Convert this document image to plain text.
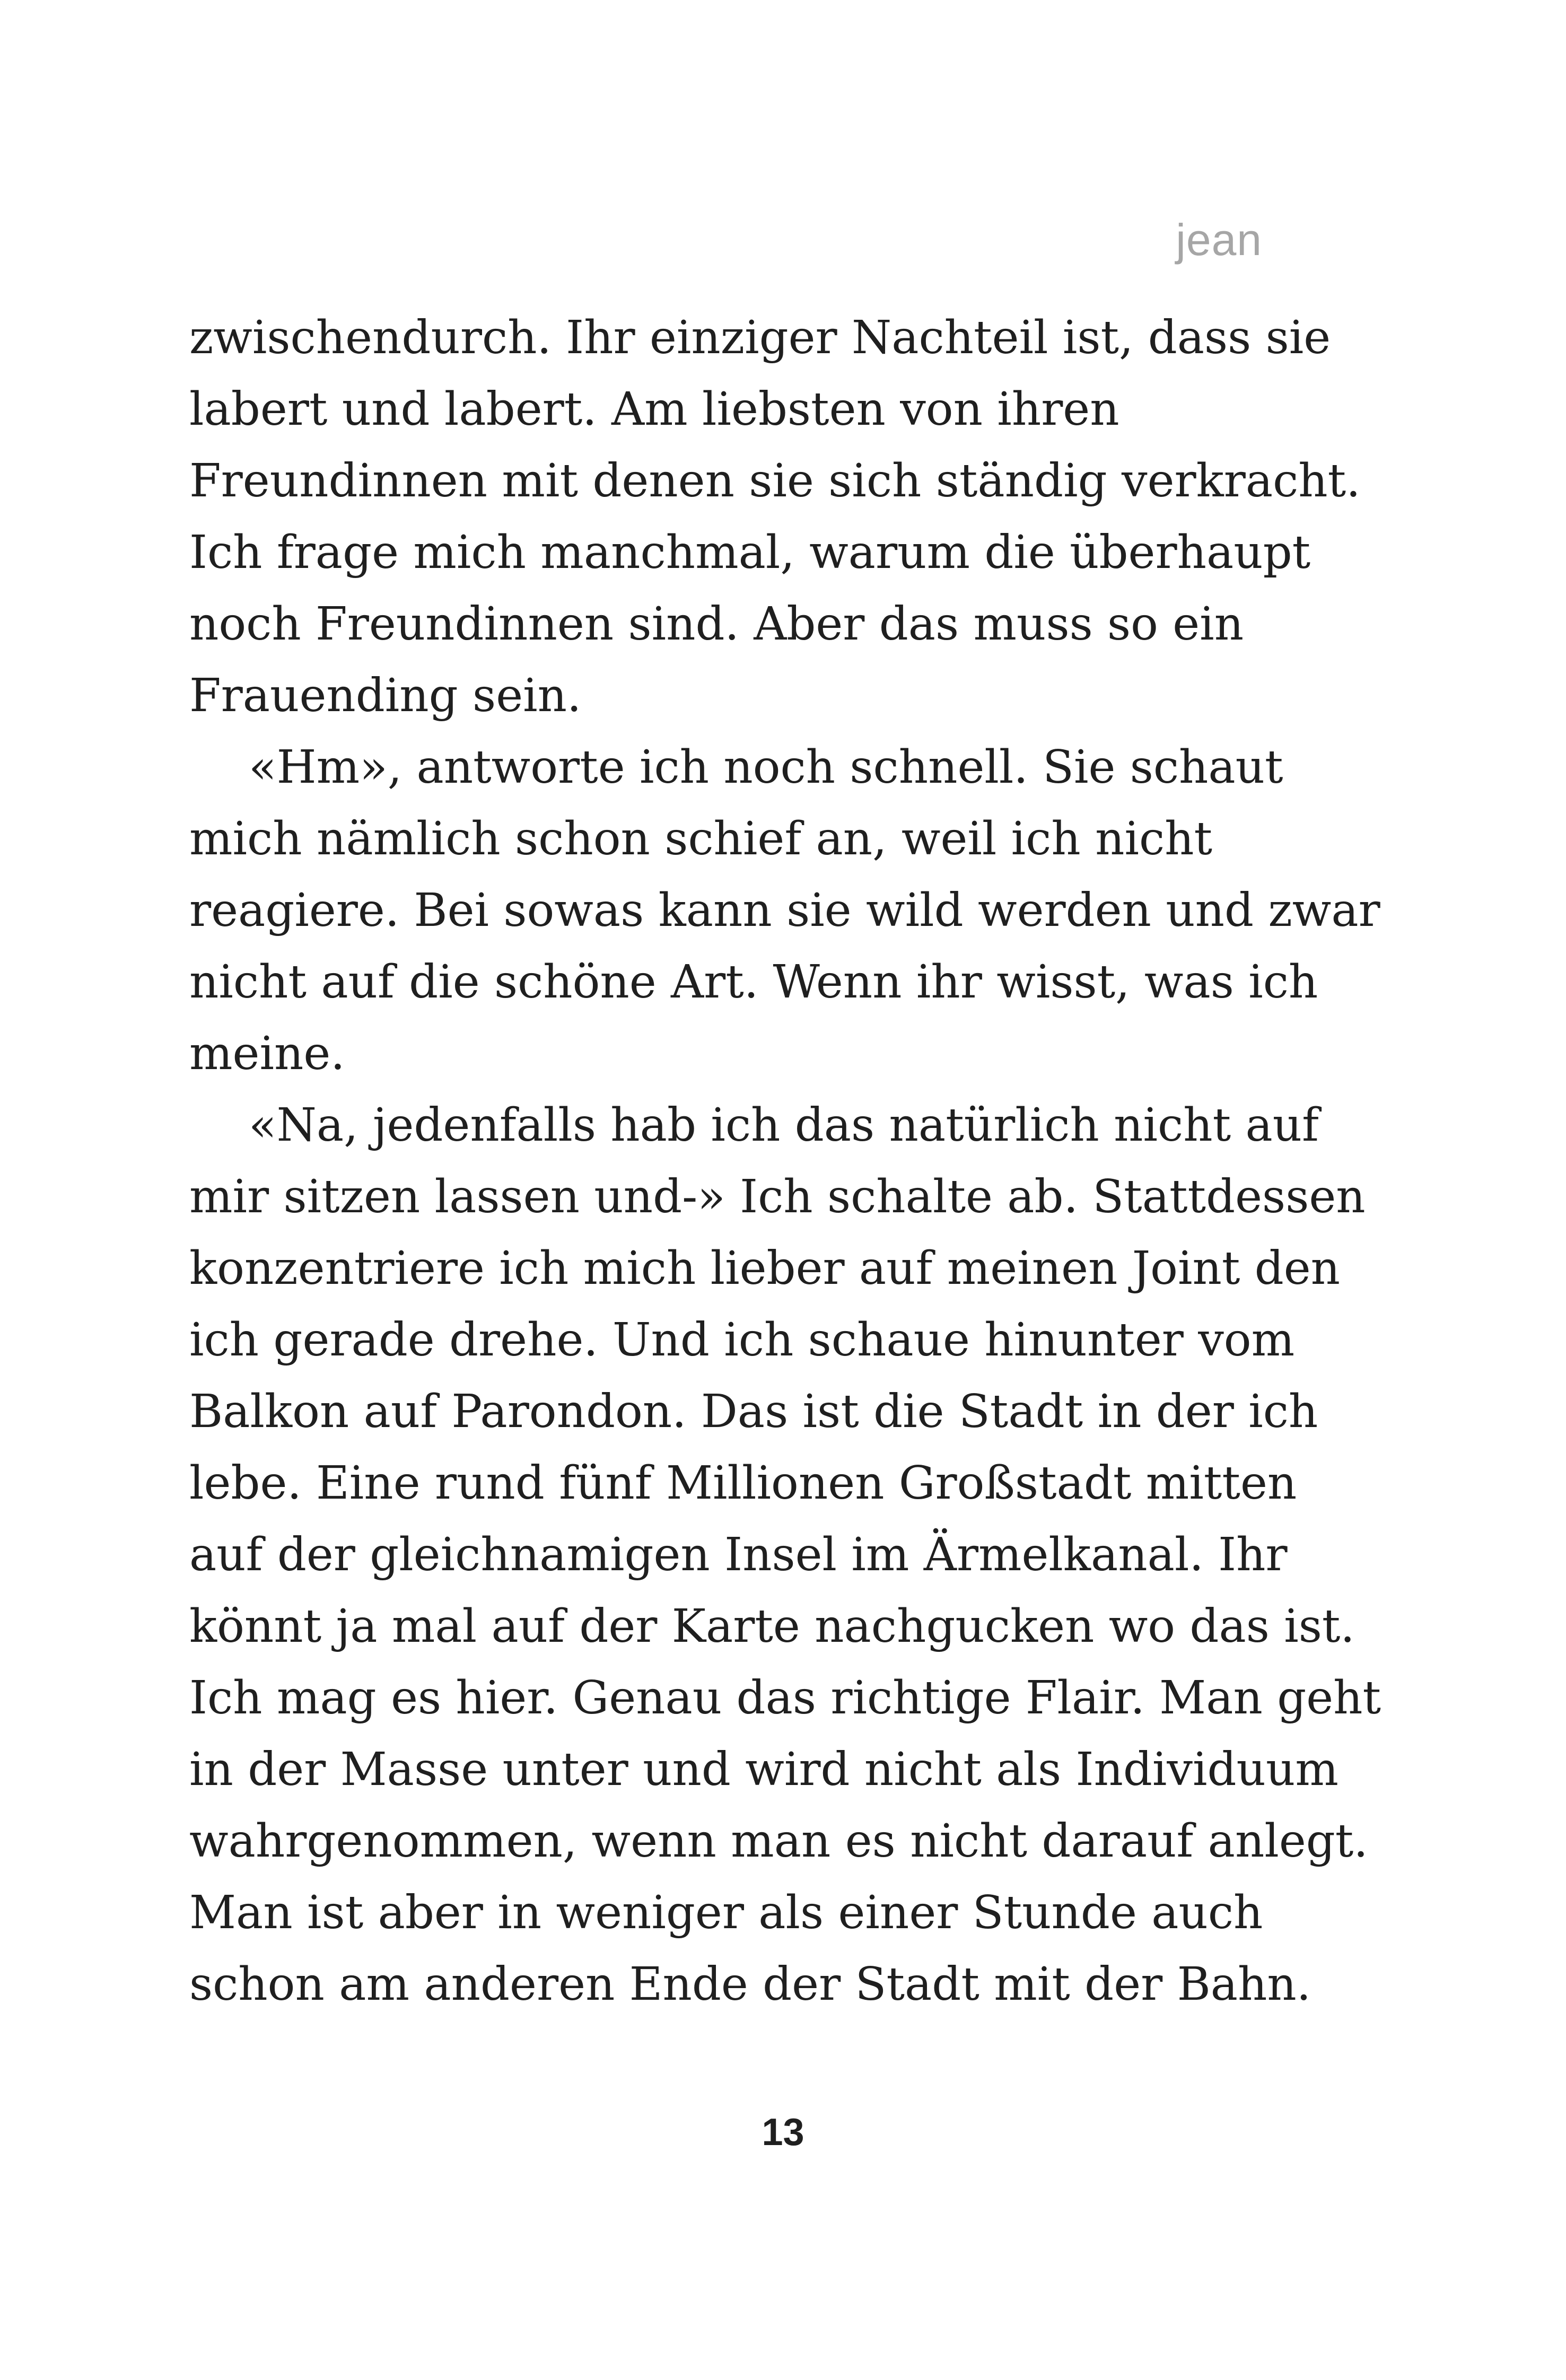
jean
zwischendurch. Ihr einziger Nachteil ist, dass sie
labert und labert. Am liebsten von ihren
Freundinnen mit denen sie sich ständig verkracht.
Ich frage mich manchmal, warum die überhaupt
noch Freundinnen sind. Aber das muss so ein
Frauending sein.
«Hm», antworte ich noch schnell. Sie schaut
mich nämlich schon schief an, weil ich nicht
reagiere. Bei sowas kann sie wild werden und zwar
nicht auf die schöne Art. Wenn ihr wisst, was ich
meine.
«Na, jedenfalls hab ich das natürlich nicht auf
mir sitzen lassen und-» Ich schalte ab. Stattdessen
konzentriere ich mich lieber auf meinen Joint den
ich gerade drehe. Und ich schaue hinunter vom
Balkon auf Parondon. Das ist die Stadt in der ich
lebe. Eine rund fünf Millionen Großstadt mitten
auf der gleichnamigen Insel im Ärmelkanal. Ihr
könnt ja mal auf der Karte nachgucken wo das ist.
Ich mag es hier. Genau das richtige Flair. Man geht
in der Masse unter und wird nicht als Individuum
wahrgenommen, wenn man es nicht darauf anlegt.
Man ist aber in weniger als einer Stunde auch
schon am anderen Ende der Stadt mit der Bahn.
13
